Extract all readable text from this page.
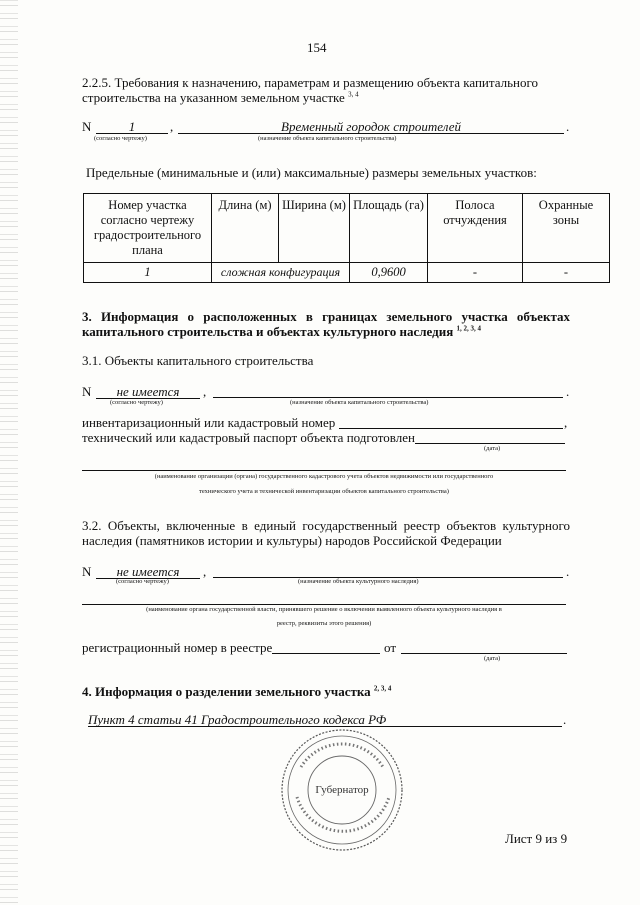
154
2.2.5. Требования к назначению, параметрам и размещению объекта капитального
строительства на указанном земельном участке $^{3, 4}$
N	1	,	Временный городок строителей	.
(согласно чертежу)	(назначение объекта капитального строительства)
Предельные (минимальные и (или) максимальные) размеры земельных участков:
Номер участка согласно чертежу градостроительного плана	Длина (м)	Ширина (м)	Площадь (га)	Полоса отчуждения	Охранные зоны
1	сложная конфигурация		0,9600	-	-
3. Информация о расположенных в границах земельного участка объектах
капитального строительства и объектах культурного наследия $^{1, 2, 3, 4}$
3.1. Объекты капитального строительства
N	не имеется	,	.
(согласно чертежу)	(назначение объекта капитального строительства)
инвентаризационный или кадастровый номер	,
технический или кадастровый паспорт объекта подготовлен
(дата)
(наименование организации (органа) государственного кадастрового учета объектов недвижимости или государственного
технического учета и технической инвентаризации объектов капитального строительства)
3.2. Объекты, включенные в единый государственный реестр объектов культурного
наследия (памятников истории и культуры) народов Российской Федерации
N	не имеется	,	.
(согласно чертежу)	(назначение объекта культурного наследия)
(наименование органа государственной власти, принявшего решение о включении выявленного объекта культурного наследия в
реестр, реквизиты этого решения)
регистрационный номер в реестре	от
(дата)
4. Информация о разделении земельного участка $^{2, 3, 4}$
Пункт 4 статьи 41 Градостроительного кодекса РФ	.
Губернатор
Лист 9 из 9
